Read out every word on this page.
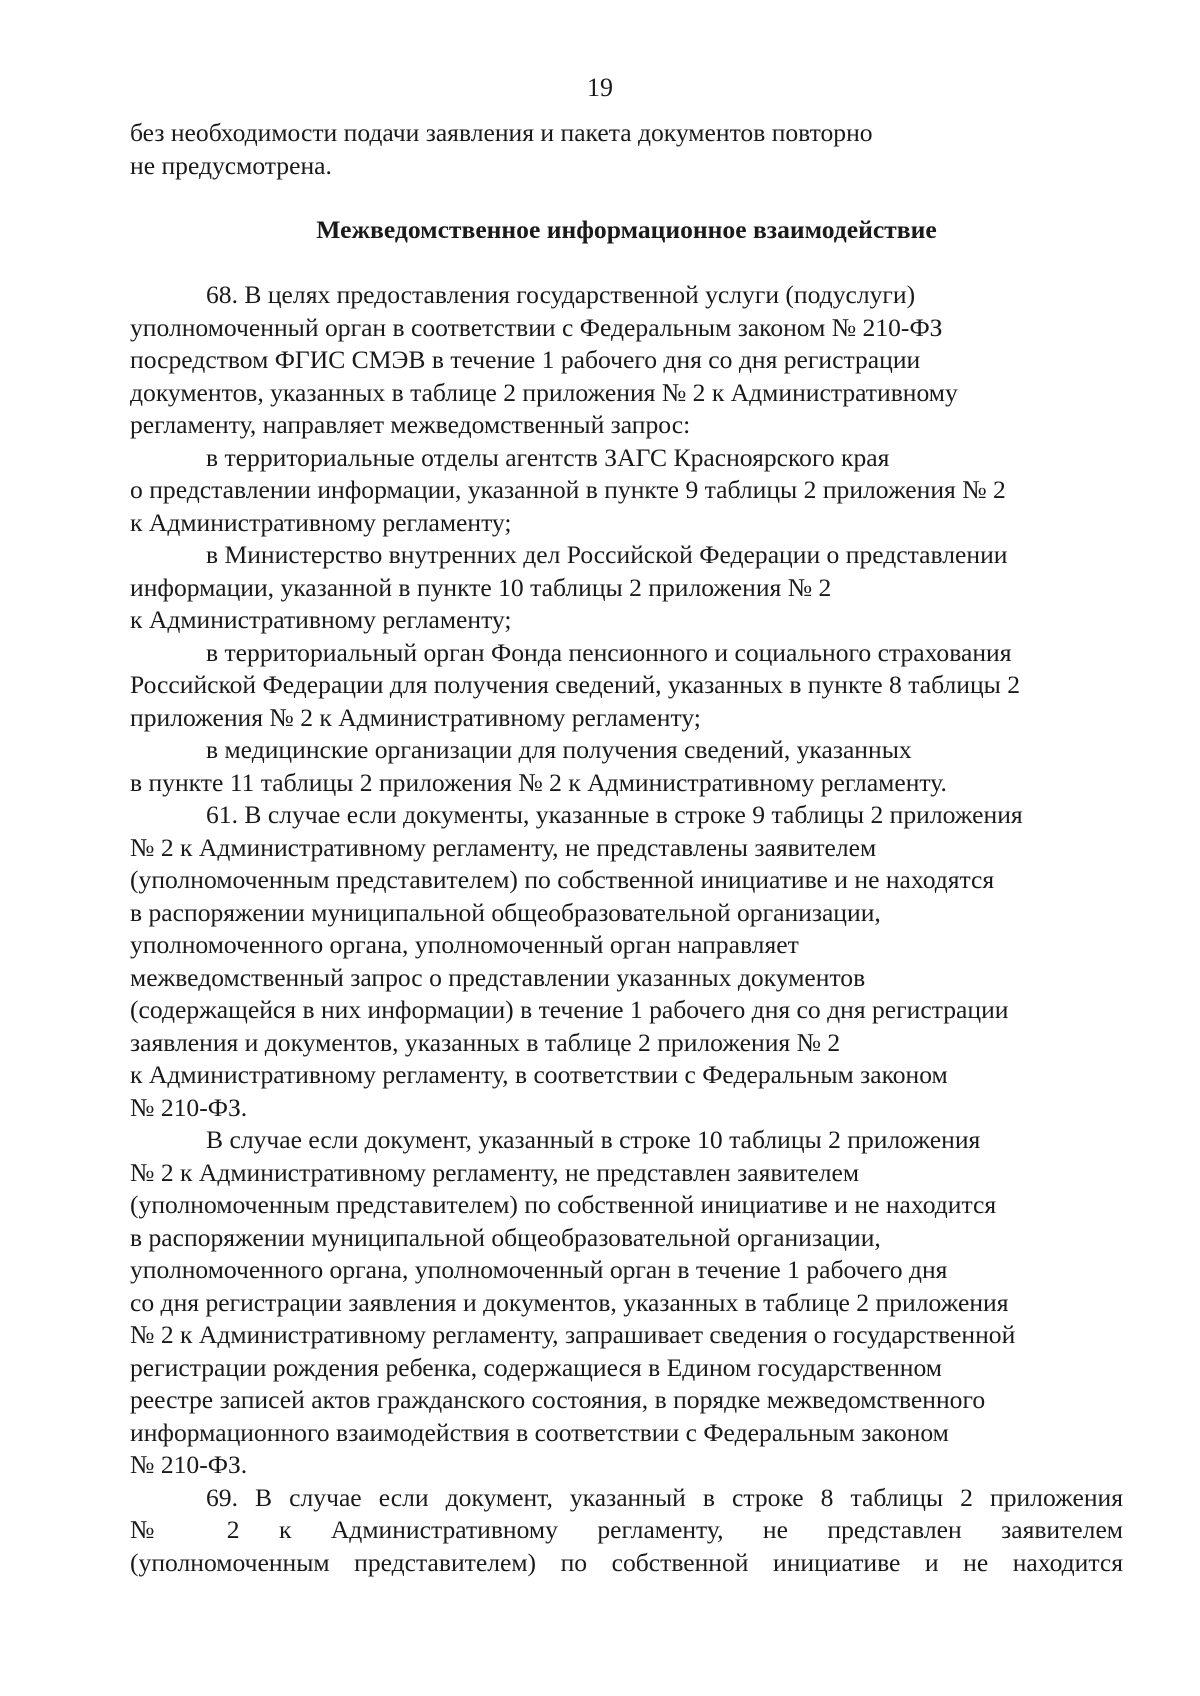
19

без необходимости подачи заявления и пакета документов повторно
не предусмотрена.

Межведомственное информационное взаимодействие

68. В целях предоставления государственной услуги (подуслуги)
уполномоченный орган в соответствии с Федеральным законом № 210-ФЗ
посредством ФГИС СМЭВ в течение 1 рабочего дня со дня регистрации
документов, указанных в таблице 2 приложения № 2 к Административному
регламенту, направляет межведомственный запрос:

в территориальные отделы агентств ЗАГС Красноярского края
о представлении информации, указанной в пункте 9 таблицы 2 приложения № 2
к Административному регламенту;

в Министерство внутренних дел Российской Федерации о представлении
информации, указанной в пункте 10 таблицы 2 приложения № 2
к Административному регламенту;

в территориальный орган Фонда пенсионного и социального страхования
Российской Федерации для получения сведений, указанных в пункте 8 таблицы 2
приложения № 2 к Административному регламенту;

в медицинские организации для получения сведений, указанных
в пункте 11 таблицы 2 приложения № 2 к Административному регламенту.

61. В случае если документы, указанные в строке 9 таблицы 2 приложения
№ 2 к Административному регламенту, не представлены заявителем
(уполномоченным представителем) по собственной инициативе и не находятся
в распоряжении муниципальной общеобразовательной организации,
уполномоченного органа, уполномоченный орган направляет
межведомственный запрос о представлении указанных документов
(содержащейся в них информации) в течение 1 рабочего дня со дня регистрации
заявления и документов, указанных в таблице 2 приложения № 2
к Административному регламенту, в соответствии с Федеральным законом
№ 210-ФЗ.

В случае если документ, указанный в строке 10 таблицы 2 приложения
№ 2 к Административному регламенту, не представлен заявителем
(уполномоченным представителем) по собственной инициативе и не находится
в распоряжении муниципальной общеобразовательной организации,
уполномоченного органа, уполномоченный орган в течение 1 рабочего дня
со дня регистрации заявления и документов, указанных в таблице 2 приложения
№ 2 к Административному регламенту, запрашивает сведения о государственной
регистрации рождения ребенка, содержащиеся в Едином государственном
реестре записей актов гражданского состояния, в порядке межведомственного
информационного взаимодействия в соответствии с Федеральным законом
№ 210-ФЗ.

69. В случае если документ, указанный в строке 8 таблицы 2 приложения
№ 2 к Административному регламенту, не представлен заявителем
(уполномоченным представителем) по собственной инициативе и не находится
